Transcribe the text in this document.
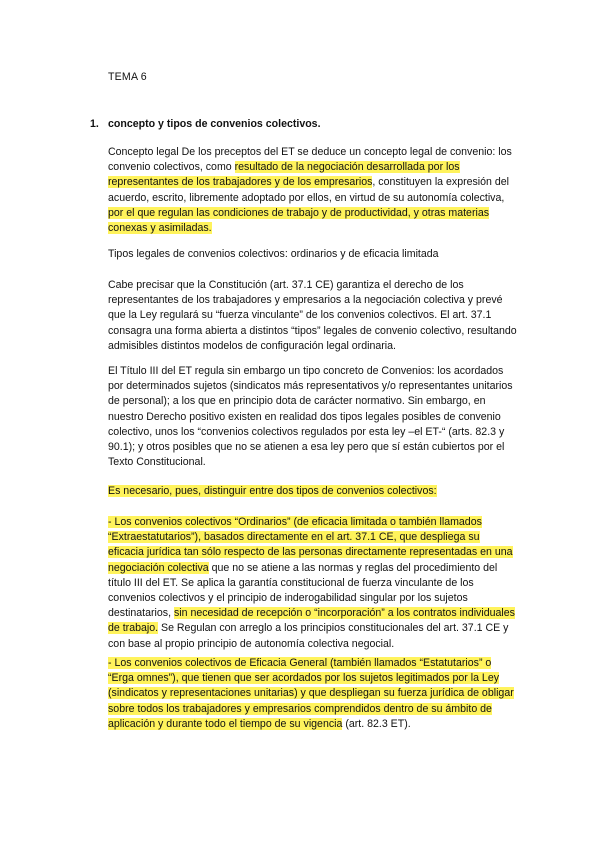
TEMA 6
1. concepto y tipos de convenios colectivos.

Concepto legal De los preceptos del ET se deduce un concepto legal de convenio: los convenio colectivos, como resultado de la negociación desarrollada por los representantes de los trabajadores y de los empresarios, constituyen la expresión del acuerdo, escrito, libremente adoptado por ellos, en virtud de su autonomía colectiva, por el que regulan las condiciones de trabajo y de productividad, y otras materias conexas y asimiladas.

Tipos legales de convenios colectivos: ordinarios y de eficacia limitada

Cabe precisar que la Constitución (art. 37.1 CE) garantiza el derecho de los representantes de los trabajadores y empresarios a la negociación colectiva y prevé que la Ley regulará su “fuerza vinculante” de los convenios colectivos. El art. 37.1 consagra una forma abierta a distintos “tipos” legales de convenio colectivo, resultando admisibles distintos modelos de configuración legal ordinaria.

El Título III del ET regula sin embargo un tipo concreto de Convenios: los acordados por determinados sujetos (sindicatos más representativos y/o representantes unitarios de personal); a los que en principio dota de carácter normativo. Sin embargo, en nuestro Derecho positivo existen en realidad dos tipos legales posibles de convenio colectivo, unos los “convenios colectivos regulados por esta ley –el ET-“ (arts. 82.3 y 90.1); y otros posibles que no se atienen a esa ley pero que sí están cubiertos por el Texto Constitucional.

Es necesario, pues, distinguir entre dos tipos de convenios colectivos:

- Los convenios colectivos “Ordinarios” (de eficacia limitada o también llamados “Extraestatutarios”), basados directamente en el art. 37.1 CE, que despliega su eficacia jurídica tan sólo respecto de las personas directamente representadas en una negociación colectiva que no se atiene a las normas y reglas del procedimiento del título III del ET. Se aplica la garantía constitucional de fuerza vinculante de los convenios colectivos y el principio de inderogabilidad singular por los sujetos destinatarios, sin necesidad de recepción o “incorporación” a los contratos individuales de trabajo. Se Regulan con arreglo a los principios constitucionales del art. 37.1 CE y con base al propio principio de autonomía colectiva negocial.

- Los convenios colectivos de Eficacia General (también llamados “Estatutarios” o “Erga omnes”), que tienen que ser acordados por los sujetos legitimados por la Ley (sindicatos y representaciones unitarias) y que despliegan su fuerza jurídica de obligar sobre todos los trabajadores y empresarios comprendidos dentro de su ámbito de aplicación y durante todo el tiempo de su vigencia (art. 82.3 ET).
